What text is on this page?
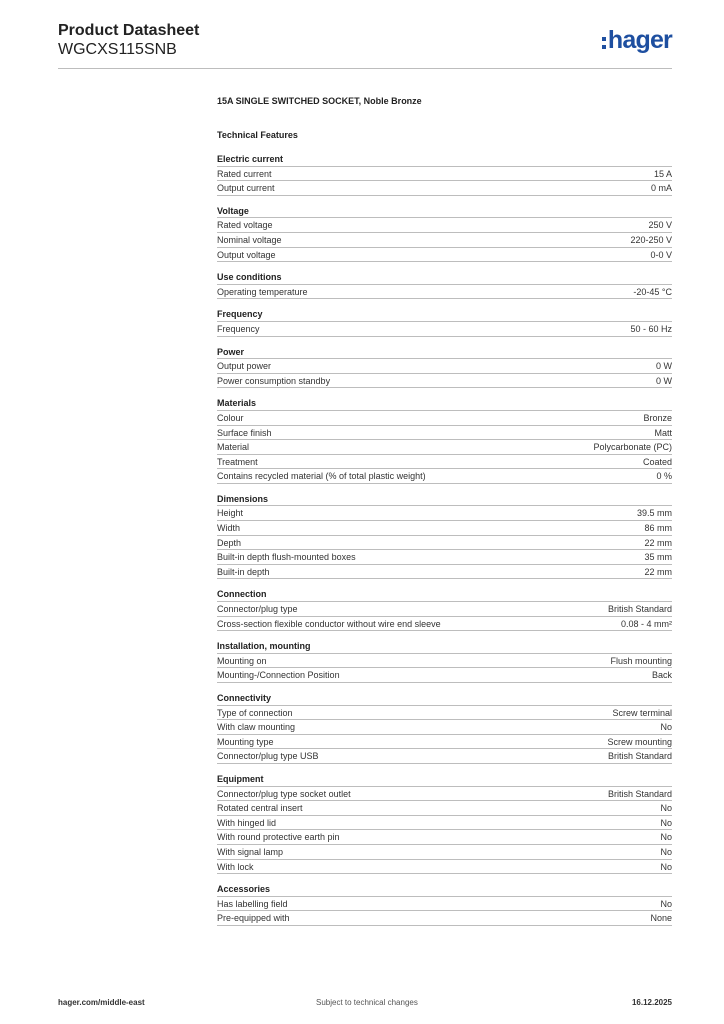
Product Datasheet
WGCXS115SNB	hager
15A SINGLE SWITCHED SOCKET, Noble Bronze
Technical Features
Electric current
Rated current	15 A
Output current	0 mA
Voltage
Rated voltage	250 V
Nominal voltage	220-250 V
Output voltage	0-0 V
Use conditions
Operating temperature	-20-45 °C
Frequency
Frequency	50 - 60 Hz
Power
Output power	0 W
Power consumption standby	0 W
Materials
Colour	Bronze
Surface finish	Matt
Material	Polycarbonate (PC)
Treatment	Coated
Contains recycled material (% of total plastic weight)	0 %
Dimensions
Height	39.5 mm
Width	86 mm
Depth	22 mm
Built-in depth flush-mounted boxes	35 mm
Built-in depth	22 mm
Connection
Connector/plug type	British Standard
Cross-section flexible conductor without wire end sleeve	0.08 - 4 mm²
Installation, mounting
Mounting on	Flush mounting
Mounting-/Connection Position	Back
Connectivity
Type of connection	Screw terminal
With claw mounting	No
Mounting type	Screw mounting
Connector/plug type USB	British Standard
Equipment
Connector/plug type socket outlet	British Standard
Rotated central insert	No
With hinged lid	No
With round protective earth pin	No
With signal lamp	No
With lock	No
Accessories
Has labelling field	No
Pre-equipped with	None
hager.com/middle-east	Subject to technical changes	16.12.2025
